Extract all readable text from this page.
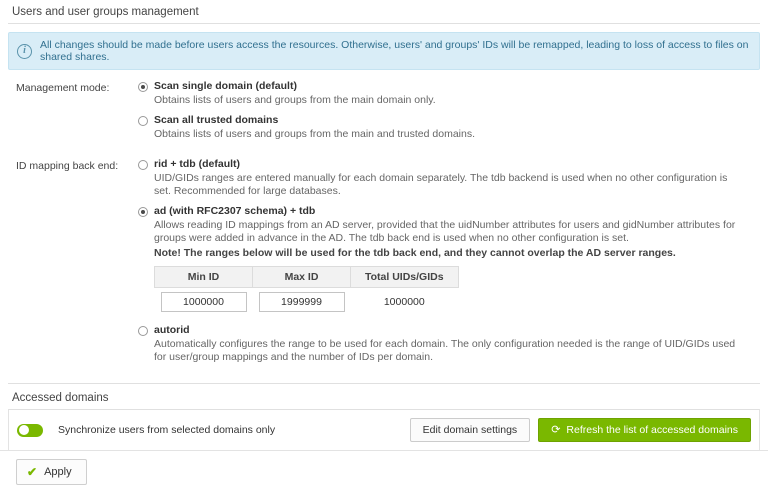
Users and user groups management
i	All changes should be made before users access the resources. Otherwise, users' and groups' IDs will be remapped, leading to loss of access to files on shared shares.
Management mode:	Scan single domain (default)
Obtains lists of users and groups from the main domain only.
Scan all trusted domains
Obtains lists of users and groups from the main and trusted domains.
ID mapping back end:	rid + tdb (default)
UID/GIDs ranges are entered manually for each domain separately. The tdb backend is used when no other configuration is set. Recommended for large databases.
ad (with RFC2307 schema) + tdb
Allows reading ID mappings from an AD server, provided that the uidNumber attributes for users and gidNumber attributes for groups were added in advance in the AD. The tdb back end is used when no other configuration is set.
Note! The ranges below will be used for the tdb back end, and they cannot overlap the AD server ranges.
Min ID	Max ID	Total UIDs/GIDs
1000000	1999999	1000000
autorid
Automatically configures the range to be used for each domain. The only configuration needed is the range of UID/GIDs used for user/group mappings and the number of IDs per domain.
Accessed domains
Synchronize users from selected domains only	Edit domain settings	⟳ Refresh the list of accessed domains

						✕
✔ Apply
